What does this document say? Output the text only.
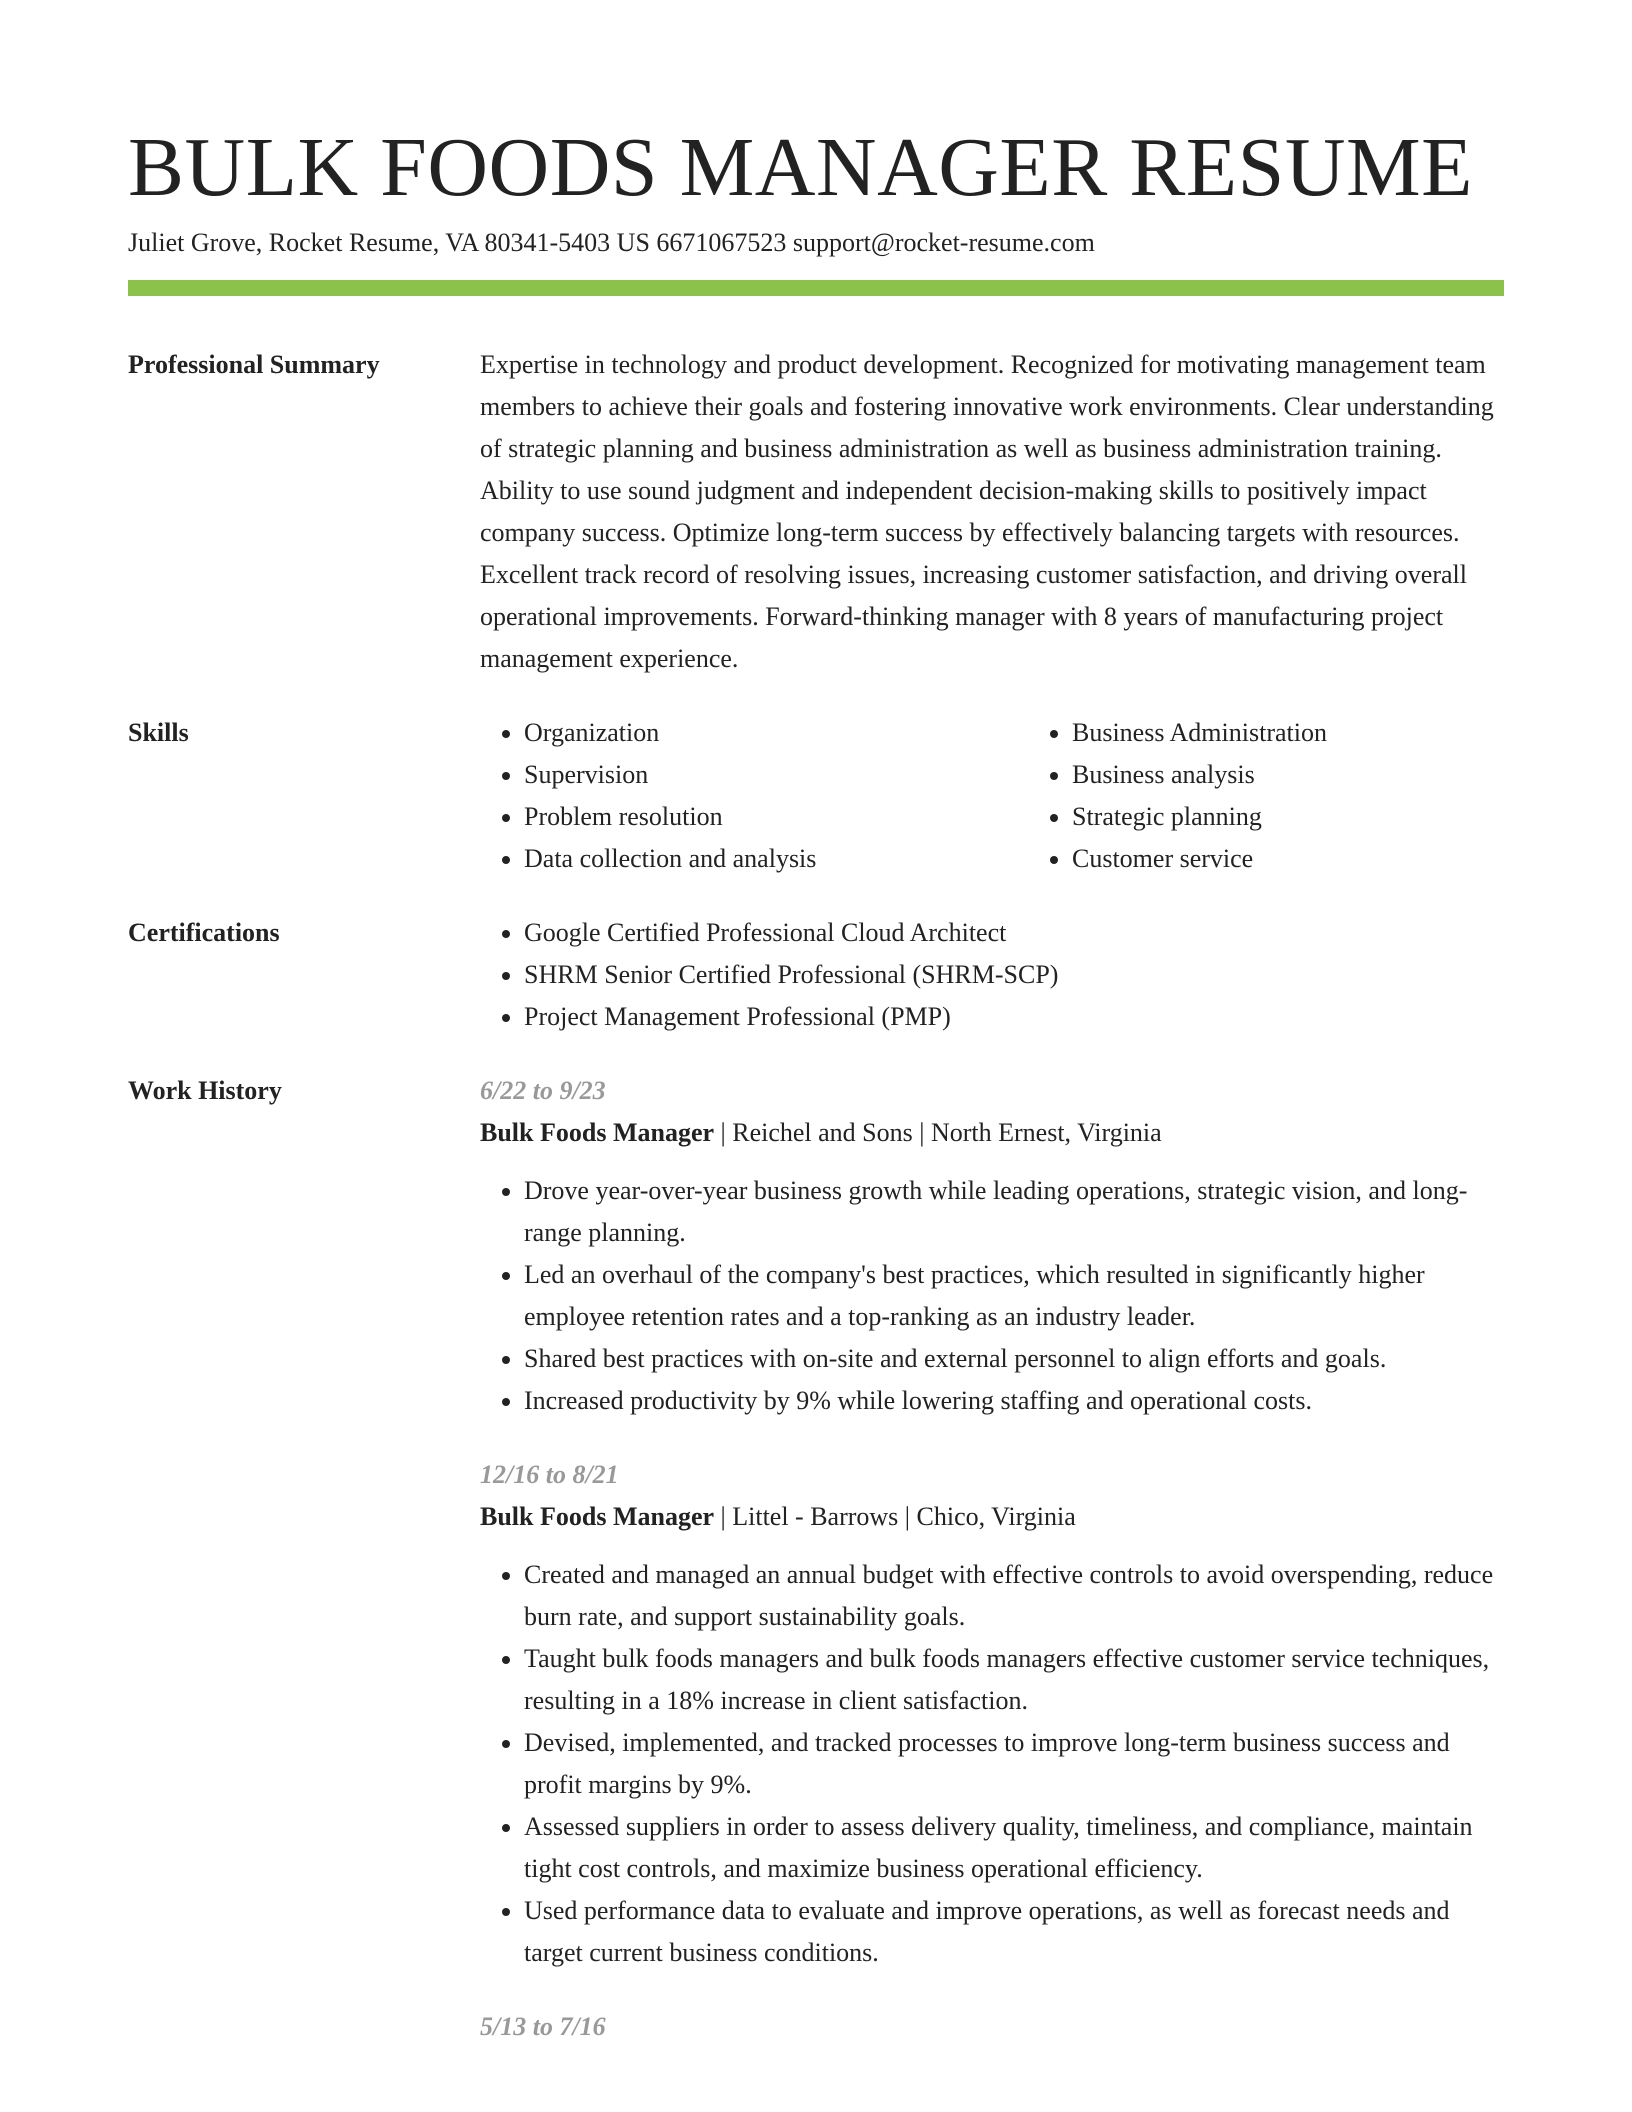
BULK FOODS MANAGER RESUME
Juliet Grove, Rocket Resume, VA 80341-5403 US 6671067523 support@rocket-resume.com
Professional Summary	Expertise in technology and product development. Recognized for motivating management team members to achieve their goals and fostering innovative work environments. Clear understanding of strategic planning and business administration as well as business administration training. Ability to use sound judgment and independent decision-making skills to positively impact company success. Optimize long-term success by effectively balancing targets with resources. Excellent track record of resolving issues, increasing customer satisfaction, and driving overall operational improvements. Forward-thinking manager with 8 years of manufacturing project management experience.
Skills	• Organization
• Supervision
• Problem resolution
• Data collection and analysis
• Business Administration
• Business analysis
• Strategic planning
• Customer service
Certifications	• Google Certified Professional Cloud Architect
• SHRM Senior Certified Professional (SHRM-SCP)
• Project Management Professional (PMP)
Work History	6/22 to 9/23
Bulk Foods Manager | Reichel and Sons | North Ernest, Virginia
• Drove year-over-year business growth while leading operations, strategic vision, and long-range planning.
• Led an overhaul of the company's best practices, which resulted in significantly higher employee retention rates and a top-ranking as an industry leader.
• Shared best practices with on-site and external personnel to align efforts and goals.
• Increased productivity by 9% while lowering staffing and operational costs.
12/16 to 8/21
Bulk Foods Manager | Littel - Barrows | Chico, Virginia
• Created and managed an annual budget with effective controls to avoid overspending, reduce burn rate, and support sustainability goals.
• Taught bulk foods managers and bulk foods managers effective customer service techniques, resulting in a 18% increase in client satisfaction.
• Devised, implemented, and tracked processes to improve long-term business success and profit margins by 9%.
• Assessed suppliers in order to assess delivery quality, timeliness, and compliance, maintain tight cost controls, and maximize business operational efficiency.
• Used performance data to evaluate and improve operations, as well as forecast needs and target current business conditions.
5/13 to 7/16
